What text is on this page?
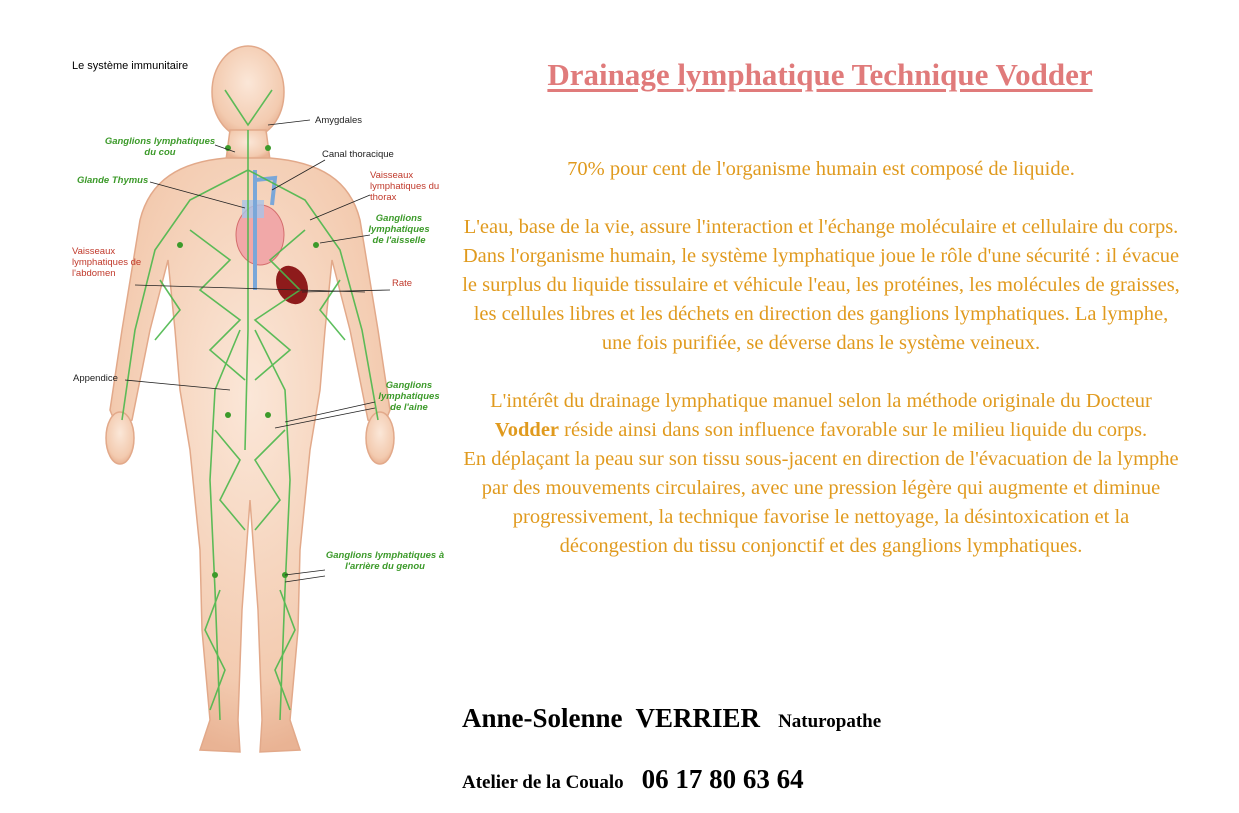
Le système immunitaire
Amygdales
Ganglions lymphatiques du cou	Canal thoracique
Glande Thymus	Vaisseaux lymphatiques du thorax
Ganglions lymphatiques de l'aisselle
Vaisseaux lymphatiques de l'abdomen
Rate
Appendice
Ganglions lymphatiques de l'aine
Ganglions lymphatiques à l'arrière du genou
Drainage lymphatique Technique Vodder

70% pour cent de l'organisme humain est composé de liquide.

L'eau, base de la vie, assure l'interaction et l'échange moléculaire et cellulaire du corps.

Dans l'organisme humain, le système lymphatique joue le rôle d'une sécurité : il évacue le surplus du liquide tissulaire et véhicule l'eau, les protéines, les molécules de graisses, les cellules libres et les déchets en direction des ganglions lymphatiques. La lymphe, une fois purifiée, se déverse dans le système veineux.

L'intérêt du drainage lymphatique manuel selon la méthode originale du Docteur Vodder réside ainsi dans son influence favorable sur le milieu liquide du corps.

En déplaçant la peau sur son tissu sous-jacent en direction de l'évacuation de la lymphe par des mouvements circulaires, avec une pression légère qui augmente et diminue progressivement, la technique favorise le nettoyage, la désintoxication et la décongestion du tissu conjonctif et des ganglions lymphatiques.

Anne-Solenne  VERRIER Naturopathe
Atelier de la Coualo 06 17 80 63 64
